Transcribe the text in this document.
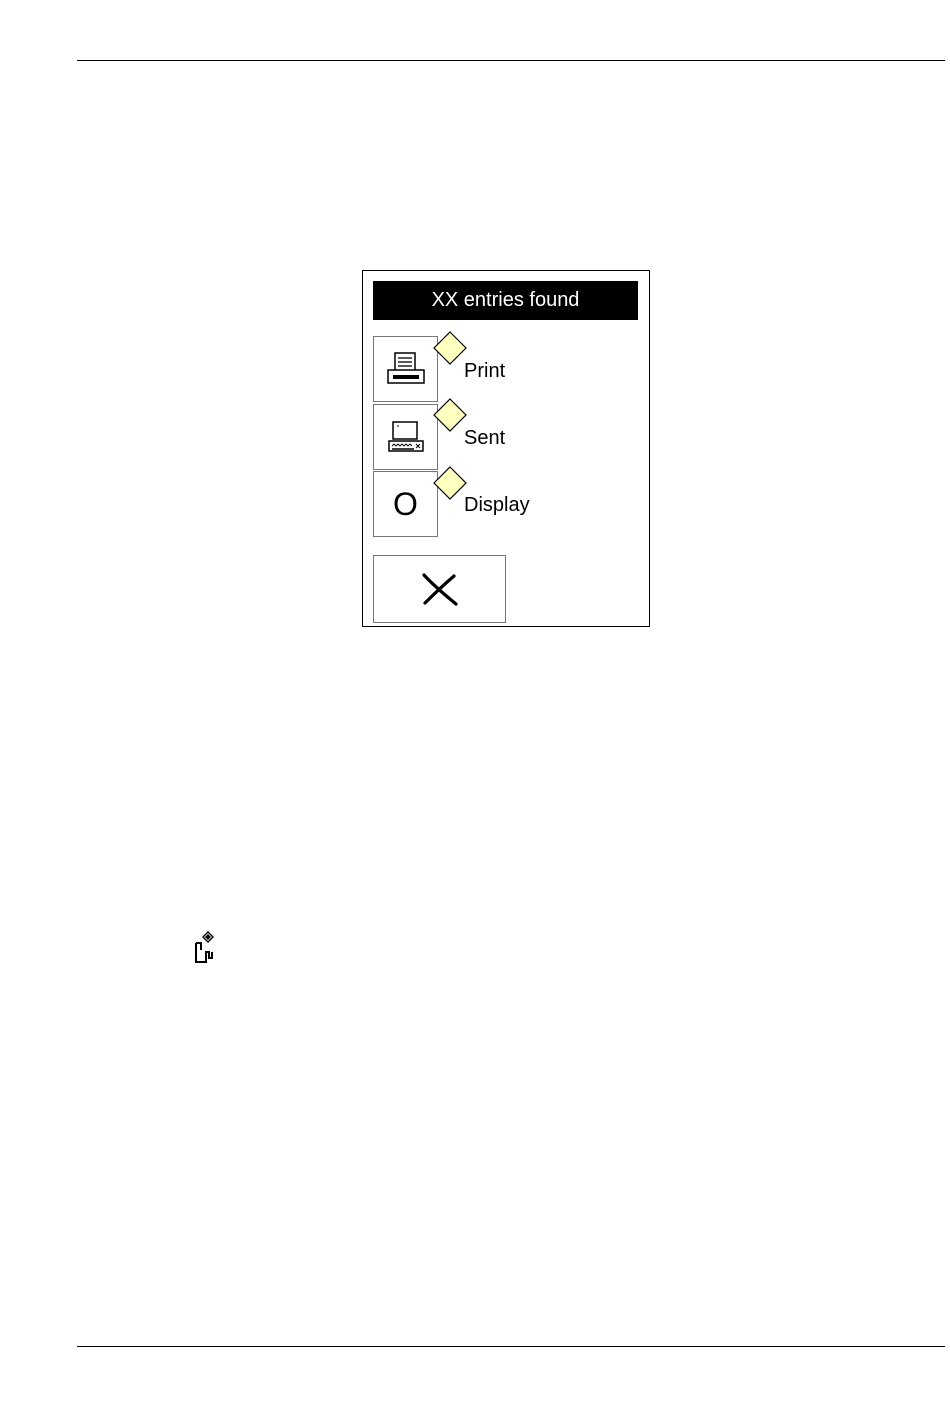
XX entries found
Print
Sent
O Display
